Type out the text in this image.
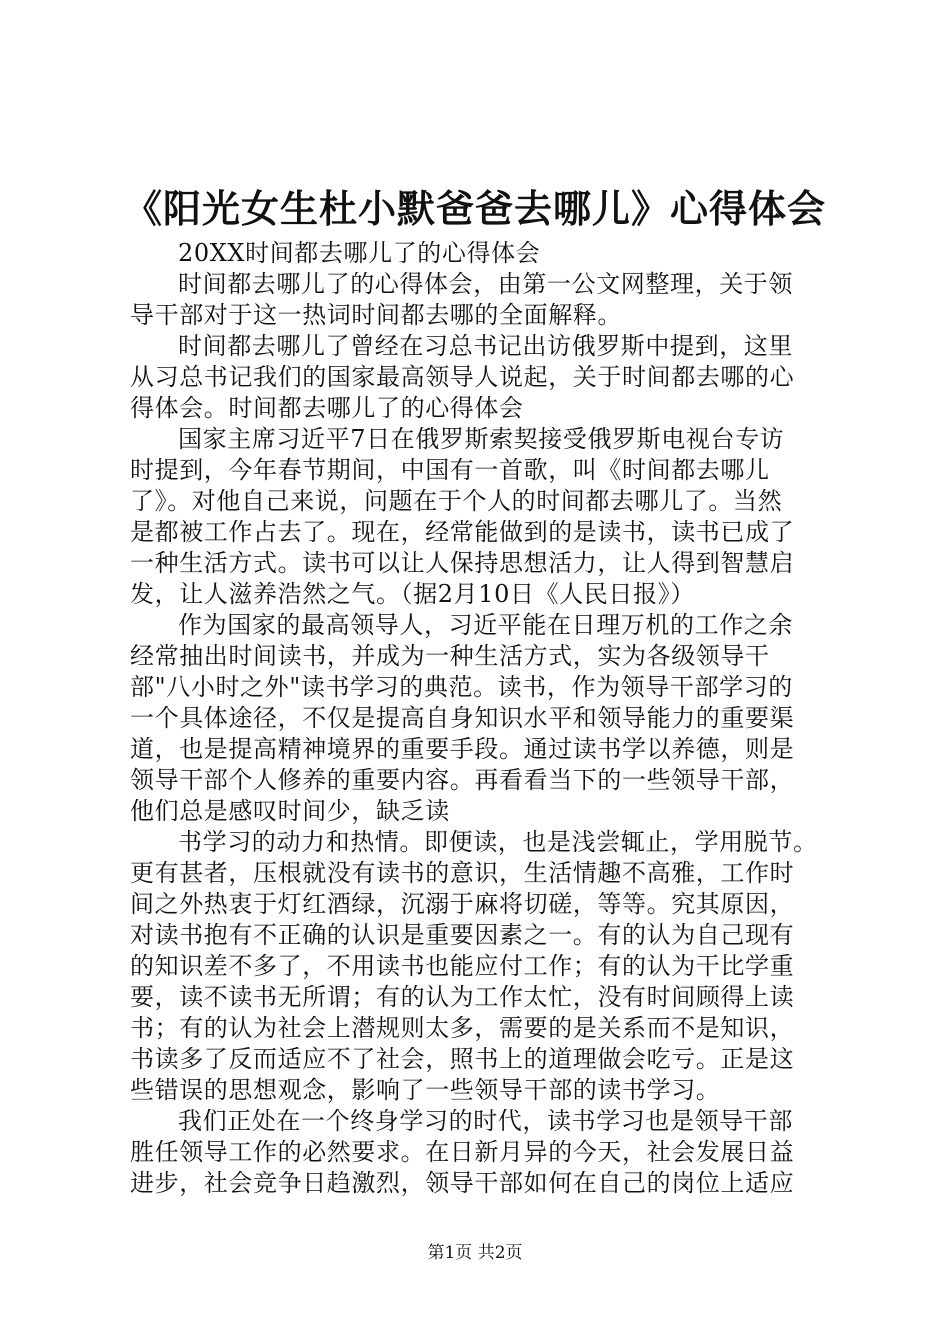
《阳光女生杜小默爸爸去哪儿》心得体会
20XX时间都去哪儿了的心得体会
时间都去哪儿了的心得体会，由第一公文网整理，关于领
导干部对于这一热词时间都去哪的全面解释。
时间都去哪儿了曾经在习总书记出访俄罗斯中提到，这里
从习总书记我们的国家最高领导人说起，关于时间都去哪的心
得体会。时间都去哪儿了的心得体会
国家主席习近平7日在俄罗斯索契接受俄罗斯电视台专访
时提到，今年春节期间，中国有一首歌，叫《时间都去哪儿
了》。对他自己来说，问题在于个人的时间都去哪儿了。当然
是都被工作占去了。现在，经常能做到的是读书，读书已成了
一种生活方式。读书可以让人保持思想活力，让人得到智慧启
发，让人滋养浩然之气。（据2月10日《人民日报》）
作为国家的最高领导人，习近平能在日理万机的工作之余
经常抽出时间读书，并成为一种生活方式，实为各级领导干
部"八小时之外"读书学习的典范。读书，作为领导干部学习的
一个具体途径，不仅是提高自身知识水平和领导能力的重要渠
道，也是提高精神境界的重要手段。通过读书学以养德，则是
领导干部个人修养的重要内容。再看看当下的一些领导干部，
他们总是感叹时间少，缺乏读
书学习的动力和热情。即便读，也是浅尝辄止，学用脱节。
更有甚者，压根就没有读书的意识，生活情趣不高雅，工作时
间之外热衷于灯红酒绿，沉溺于麻将切磋，等等。究其原因，
对读书抱有不正确的认识是重要因素之一。有的认为自己现有
的知识差不多了，不用读书也能应付工作；有的认为干比学重
要，读不读书无所谓；有的认为工作太忙，没有时间顾得上读
书；有的认为社会上潜规则太多，需要的是关系而不是知识，
书读多了反而适应不了社会，照书上的道理做会吃亏。正是这
些错误的思想观念，影响了一些领导干部的读书学习。
我们正处在一个终身学习的时代，读书学习也是领导干部
胜任领导工作的必然要求。在日新月异的今天，社会发展日益
进步，社会竞争日趋激烈，领导干部如何在自己的岗位上适应
第1页 共2页
